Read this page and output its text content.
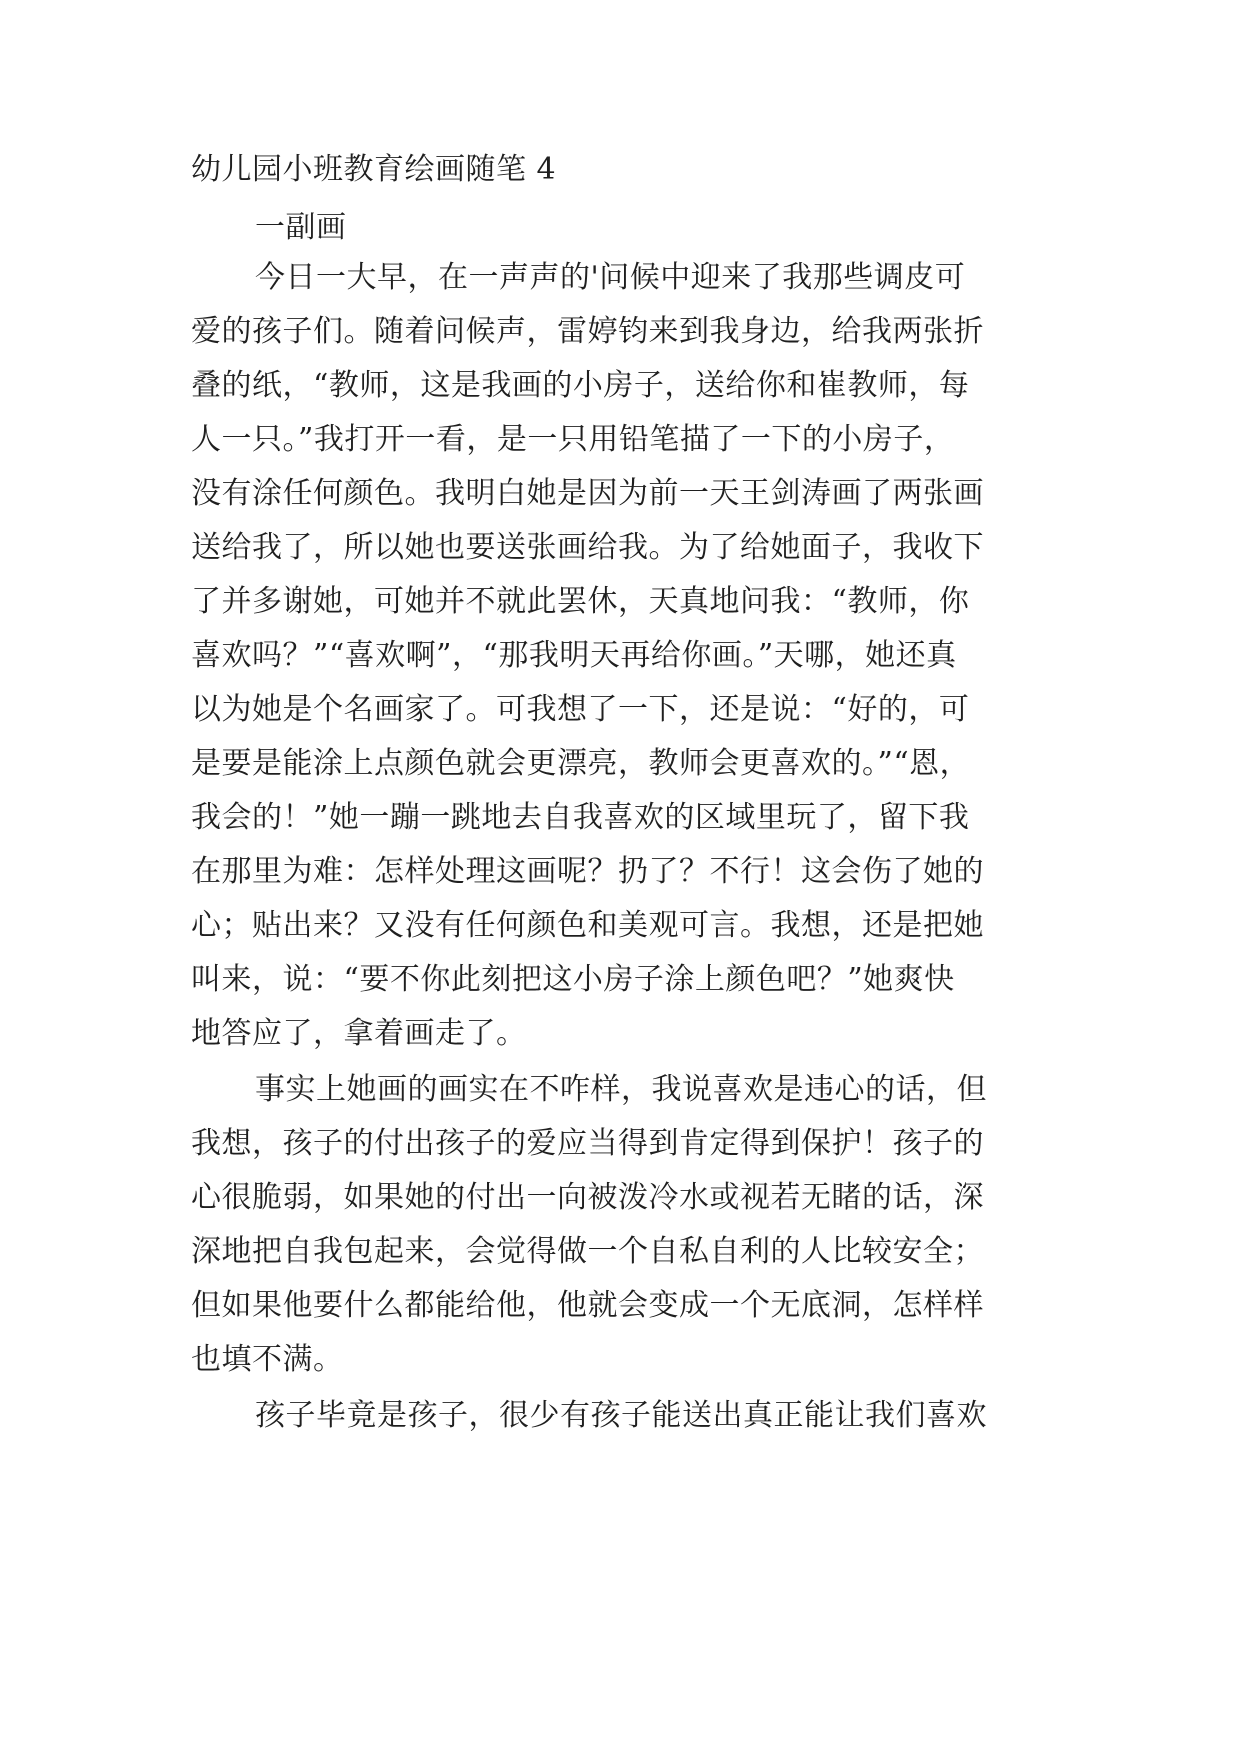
幼儿园小班教育绘画随笔 4
一副画
今日一大早，在一声声的'问候中迎来了我那些调皮可
爱的孩子们。随着问候声，雷婷钧来到我身边，给我两张折
叠的纸，“教师，这是我画的小房子，送给你和崔教师，每
人一只。”我打开一看，是一只用铅笔描了一下的小房子，
没有涂任何颜色。我明白她是因为前一天王剑涛画了两张画
送给我了，所以她也要送张画给我。为了给她面子，我收下
了并多谢她，可她并不就此罢休，天真地问我：“教师，你
喜欢吗？”“喜欢啊”，“那我明天再给你画。”天哪，她还真
以为她是个名画家了。可我想了一下，还是说：“好的，可
是要是能涂上点颜色就会更漂亮，教师会更喜欢的。”“恩，
我会的！”她一蹦一跳地去自我喜欢的区域里玩了，留下我
在那里为难：怎样处理这画呢？扔了？不行！这会伤了她的
心；贴出来？又没有任何颜色和美观可言。我想，还是把她
叫来，说：“要不你此刻把这小房子涂上颜色吧？”她爽快
地答应了，拿着画走了。
事实上她画的画实在不咋样，我说喜欢是违心的话，但
我想，孩子的付出孩子的爱应当得到肯定得到保护！孩子的
心很脆弱，如果她的付出一向被泼冷水或视若无睹的话，深
深地把自我包起来，会觉得做一个自私自利的人比较安全；
但如果他要什么都能给他，他就会变成一个无底洞，怎样样
也填不满。
孩子毕竟是孩子，很少有孩子能送出真正能让我们喜欢
